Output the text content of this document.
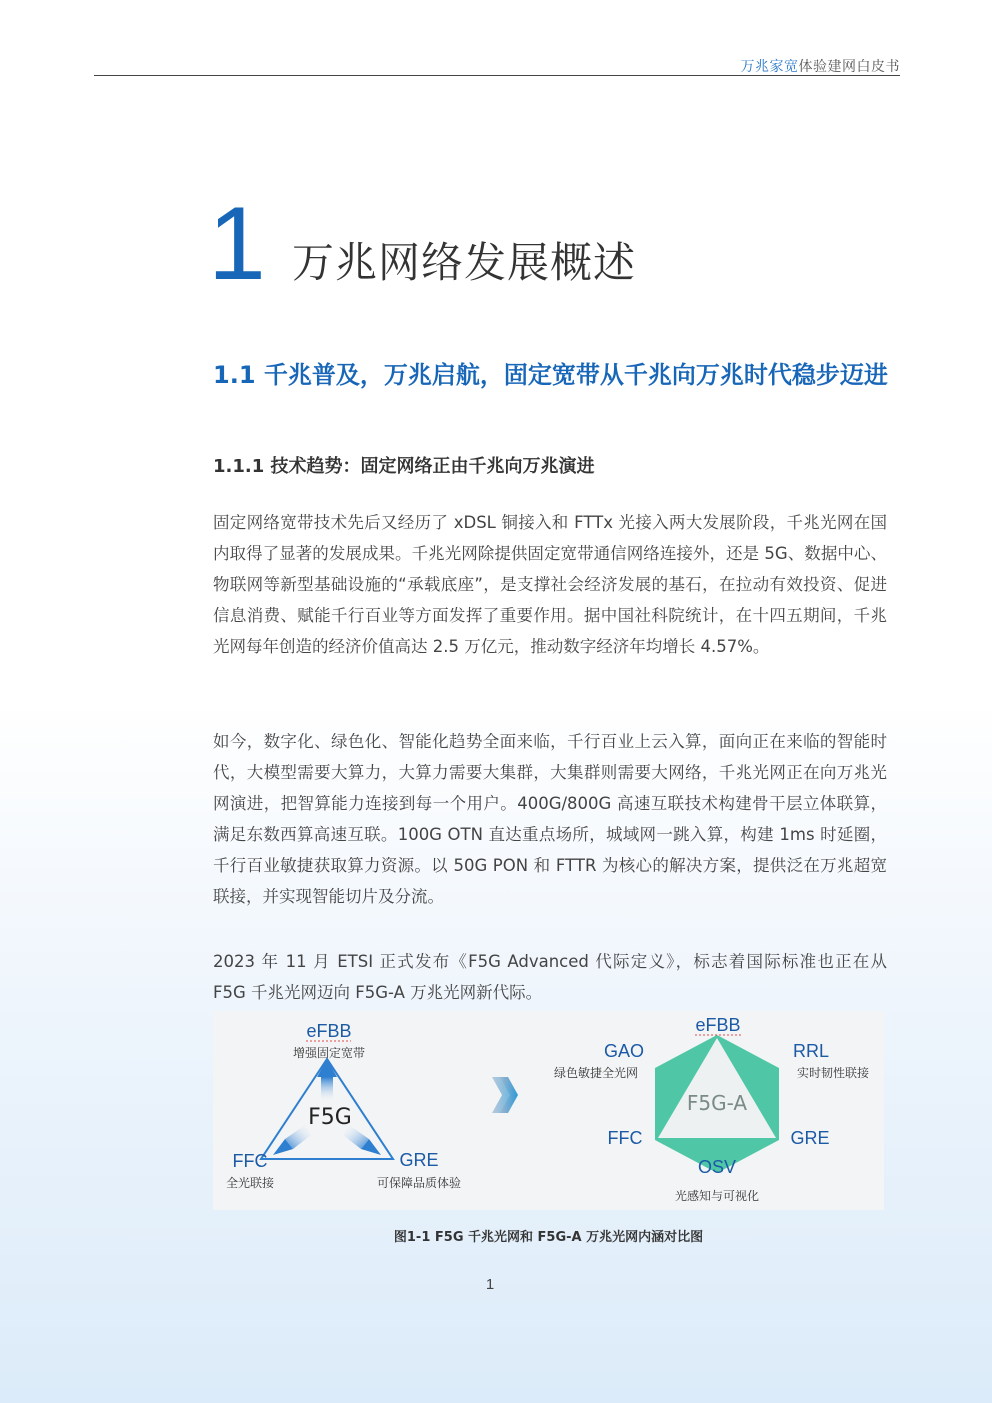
万兆家宽体验建网白皮书
1 万兆网络发展概述
1.1 千兆普及，万兆启航，固定宽带从千兆向万兆时代稳步迈进
1.1.1 技术趋势：固定网络正由千兆向万兆演进
固定网络宽带技术先后又经历了 xDSL 铜接入和 FTTx 光接入两大发展阶段，千兆光网在国内取得了显著的发展成果。千兆光网除提供固定宽带通信网络连接外，还是 5G、数据中心、物联网等新型基础设施的“承载底座”，是支撑社会经济发展的基石，在拉动有效投资、促进信息消费、赋能千行百业等方面发挥了重要作用。据中国社科院统计，在十四五期间，千兆光网每年创造的经济价值高达 2.5 万亿元，推动数字经济年均增长 4.57%。
如今，数字化、绿色化、智能化趋势全面来临，千行百业上云入算，面向正在来临的智能时代，大模型需要大算力，大算力需要大集群，大集群则需要大网络，千兆光网正在向万兆光网演进，把智算能力连接到每一个用户。400G/800G 高速互联技术构建骨干层立体联算，满足东数西算高速互联。100G OTN 直达重点场所，城域网一跳入算，构建 1ms 时延圈，千行百业敏捷获取算力资源。以 50G PON 和 FTTR 为核心的解决方案，提供泛在万兆超宽联接，并实现智能切片及分流。
2023 年 11 月 ETSI 正式发布《F5G Advanced 代际定义》，标志着国际标准也正在从 F5G 千兆光网迈向 F5G-A 万兆光网新代际。
F5G
eFBB
增强固定宽带
FFC
全光联接
GRE
可保障品质体验
F5G-A
eFBB
GAO
绿色敏捷全光网
RRL
实时韧性联接
FFC	GRE
OSV
光感知与可视化
图1-1 F5G 千兆光网和 F5G-A 万兆光网内涵对比图
1
